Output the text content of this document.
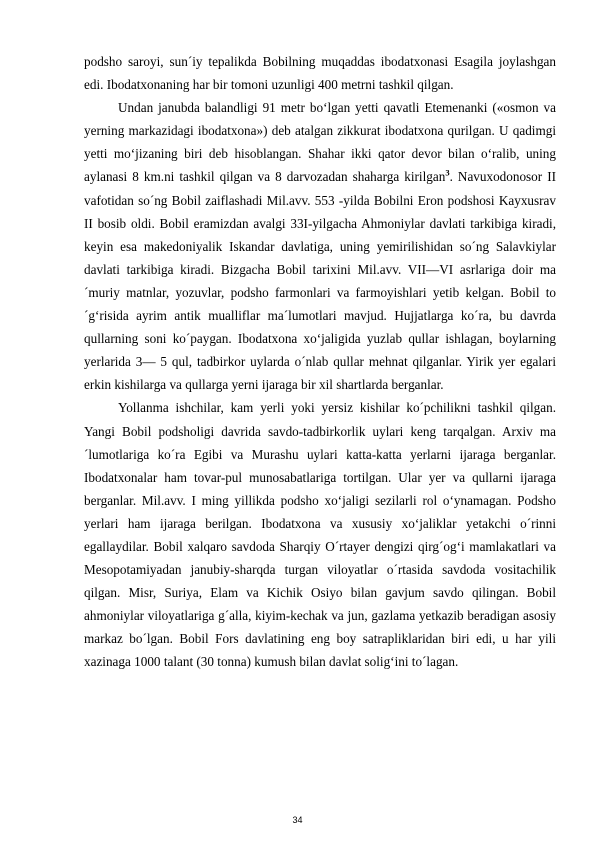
podsho saroyi, sun´iy tepalikda Bobilning muqaddas ibodatxonasi Esagila joylashgan edi. Ibodatxonaning har bir tomoni uzunligi 400 metrni tashkil qilgan.

Undan janubda balandligi 91 metr bo‘lgan yetti qavatli Etemenanki («osmon va yerning markazidagi ibodatxona») deb atalgan zikkurat ibodatxona qurilgan. U qadimgi yetti mo‘jizaning biri deb hisoblangan. Shahar ikki qator devor bilan o‘ralib, uning aylanasi 8 km.ni tashkil qilgan va 8 darvozadan shaharga kirilgan$^3$. Navuxodonosor II vafotidan so´ng Bobil zaiflashadi Mil.avv. 553 -yilda Bobilni Eron podshosi Kayxusrav II bosib oldi. Bobil eramizdan avalgi 33I-yilgacha Ahmoniylar davlati tarkibiga kiradi, keyin esa makedoniyalik Iskandar davlatiga, uning yemirilishidan so´ng Salavkiylar davlati tarkibiga kiradi. Bizgacha Bobil tarixini Mil.avv. VII—VI asrlariga doir ma´muriy matnlar, yozuvlar, podsho farmonlari va farmoyishlari yetib kelgan. Bobil to´g‘risida ayrim antik mualliflar ma´lumotlari mavjud. Hujjatlarga ko´ra, bu davrda qullarning soni ko´paygan. Ibodatxona xo‘jaligida yuzlab qullar ishlagan, boylarning yerlarida 3— 5 qul, tadbirkor uylarda o´nlab qullar mehnat qilganlar. Yirik yer egalari erkin kishilarga va qullarga yerni ijaraga bir xil shartlarda berganlar.

Yollanma ishchilar, kam yerli yoki yersiz kishilar ko´pchilikni tashkil qilgan. Yangi Bobil podsholigi davrida savdo-tadbirkorlik uylari keng tarqalgan. Arxiv ma´lumotlariga ko´ra Egibi va Murashu uylari katta-katta yerlarni ijaraga berganlar. Ibodatxonalar ham tovar-pul munosabatlariga tortilgan. Ular yer va qullarni ijaraga berganlar. Mil.avv. I ming yillikda podsho xo‘jaligi sezilarli rol o‘ynamagan. Podsho yerlari ham ijaraga berilgan. Ibodatxona va xususiy xo‘jaliklar yetakchi o´rinni egallaydilar. Bobil xalqaro savdoda Sharqiy O´rtayer dengizi qirg´og‘i mamlakatlari va Mesopotamiyadan janubiy-sharqda turgan viloyatlar o´rtasida savdoda vositachilik qilgan. Misr, Suriya, Elam va Kichik Osiyo bilan gavjum savdo qilingan. Bobil ahmoniylar viloyatlariga g´alla, kiyim-kechak va jun, gazlama yetkazib beradigan asosiy markaz bo´lgan. Bobil Fors davlatining eng boy satrapliklaridan biri edi, u har yili xazinaga 1000 talant (30 tonna) kumush bilan davlat solig‘ini to´lagan.

34
